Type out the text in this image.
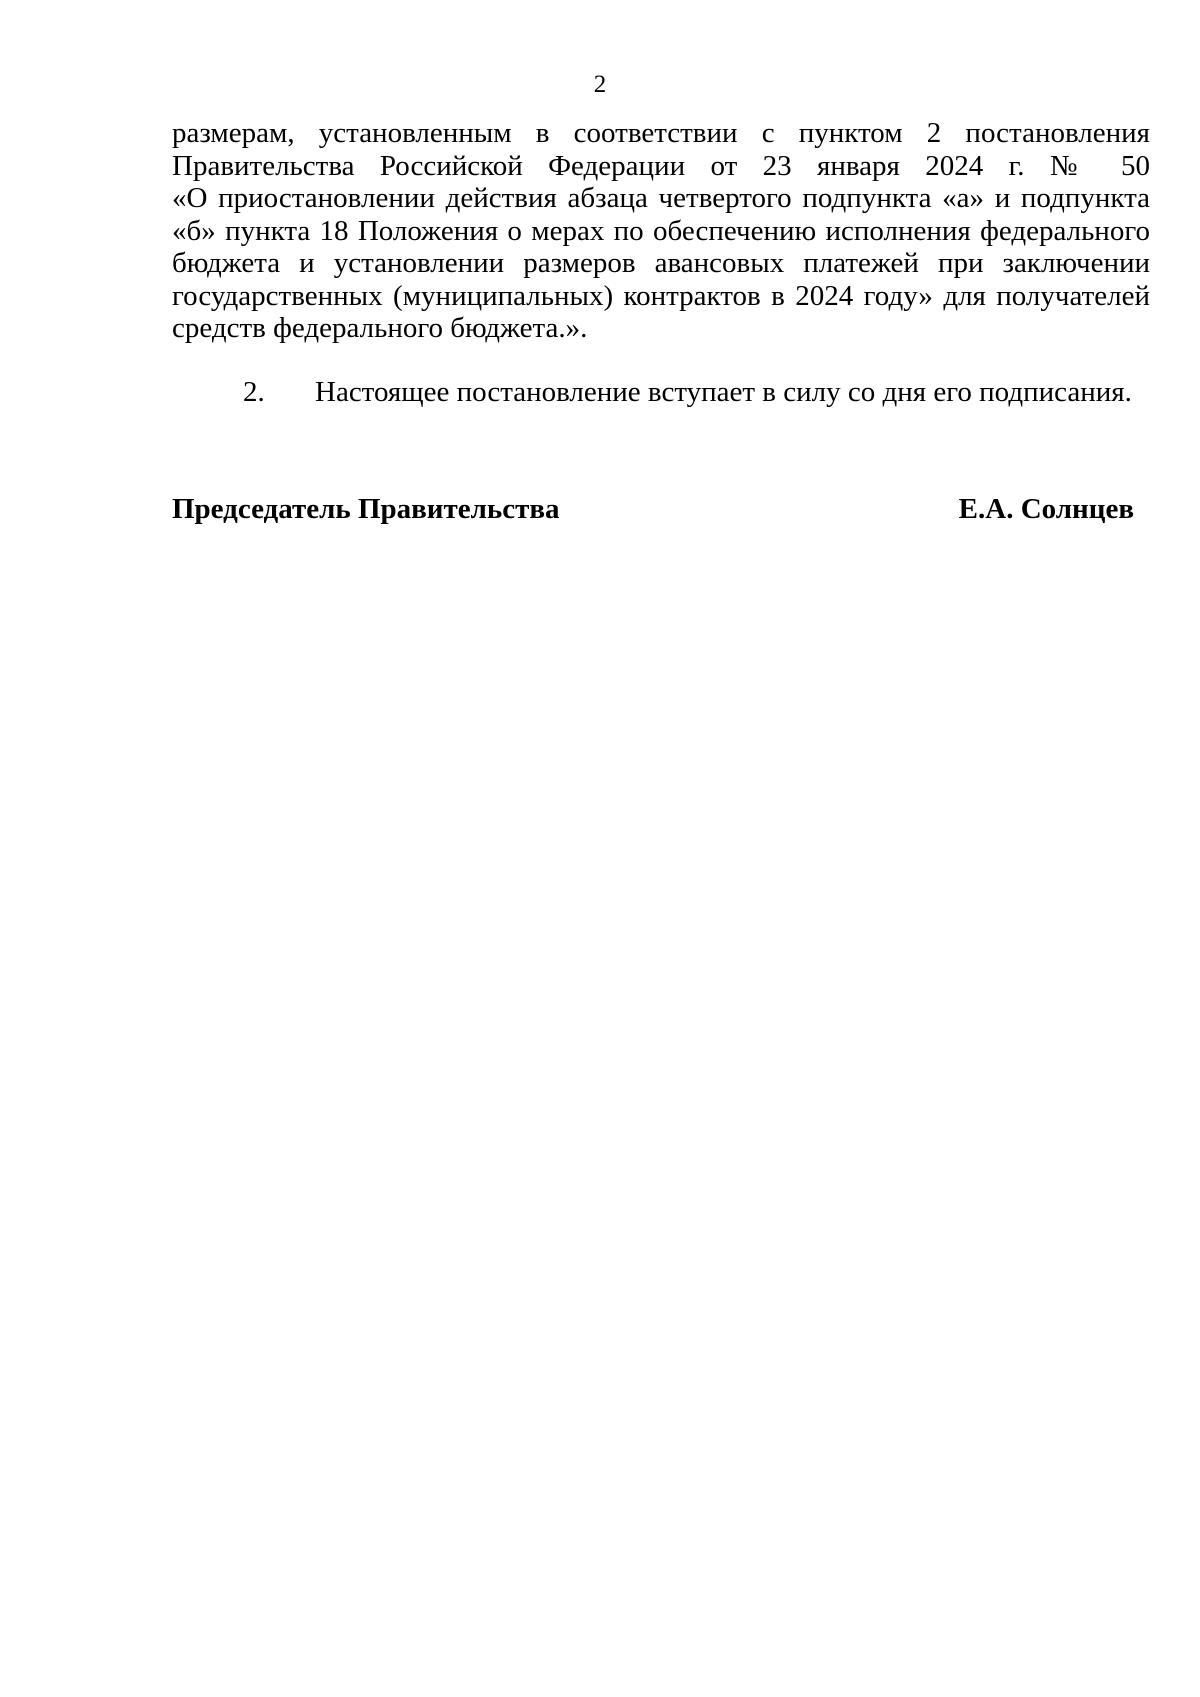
2
размерам, установленным в соответствии с пунктом 2 постановления
Правительства Российской Федерации от 23 января 2024 г. № 50
«О приостановлении действия абзаца четвертого подпункта «а» и подпункта
«б» пункта 18 Положения о мерах по обеспечению исполнения федерального
бюджета и установлении размеров авансовых платежей при заключении
государственных (муниципальных) контрактов в 2024 году» для получателей
средств федерального бюджета.».
2. Настоящее постановление вступает в силу со дня его подписания.
Председатель Правительства	Е.А. Солнцев
